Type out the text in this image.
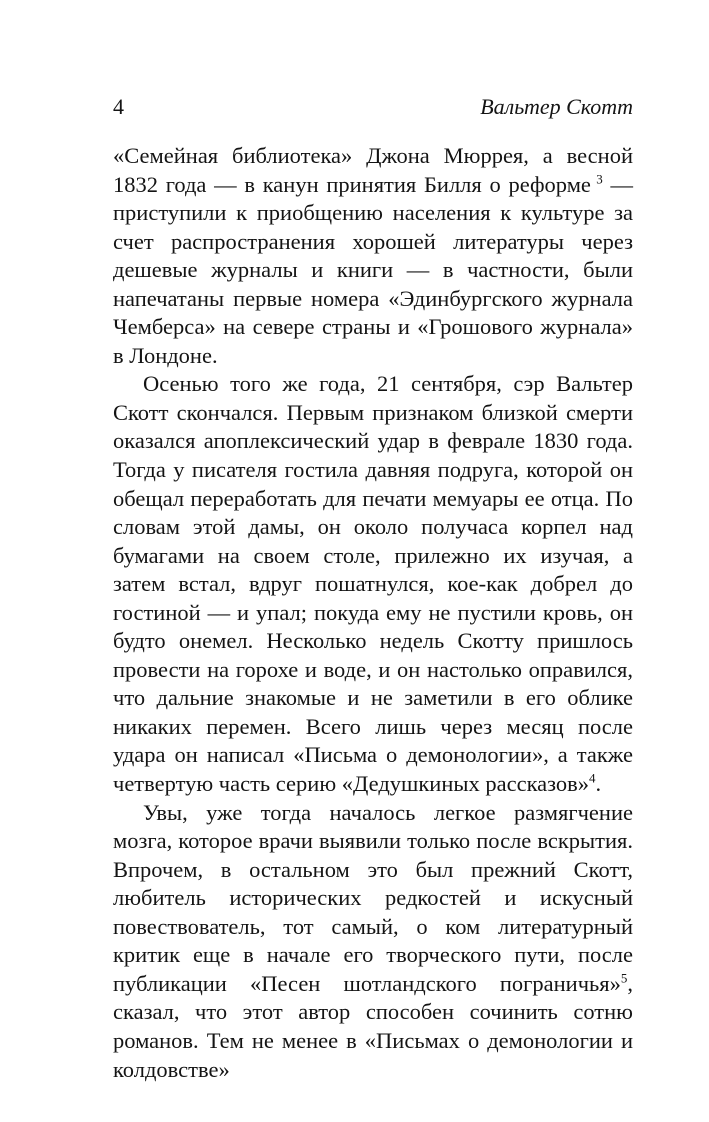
4	Вальтер Скотт

«Семейная библиотека» Джона Мюррея, а весной 1832 года — в канун принятия Билля о реформе $^3$ — приступили к приобщению населения к культуре за счет распространения хорошей литературы через дешевые журналы и книги — в частности, были напечатаны первые номера «Эдинбургского журнала Чемберса» на севере страны и «Грошового журнала» в Лондоне.

Осенью того же года, 21 сентября, сэр Вальтер Скотт скончался. Первым признаком близкой смерти оказался апоплексический удар в феврале 1830 года. Тогда у писателя гостила давняя подруга, которой он обещал переработать для печати мемуары ее отца. По словам этой дамы, он около получаса корпел над бумагами на своем столе, прилежно их изучая, а затем встал, вдруг пошатнулся, кое-как добрел до гостиной — и упал; покуда ему не пустили кровь, он будто онемел. Несколько недель Скотту пришлось провести на горохе и воде, и он настолько оправился, что дальние знакомые и не заметили в его облике никаких перемен. Всего лишь через месяц после удара он написал «Письма о демонологии», а также четвертую часть серию «Дедушкиных рассказов»$^4$.

Увы, уже тогда началось легкое размягчение мозга, которое врачи выявили только после вскрытия. Впрочем, в остальном это был прежний Скотт, любитель исторических редкостей и искусный повествователь, тот самый, о ком литературный критик еще в начале его творческого пути, после публикации «Песен шотландского пограничья»$^5$, сказал, что этот автор способен сочинить сотню романов. Тем не менее в «Письмах о демонологии и колдовстве»
